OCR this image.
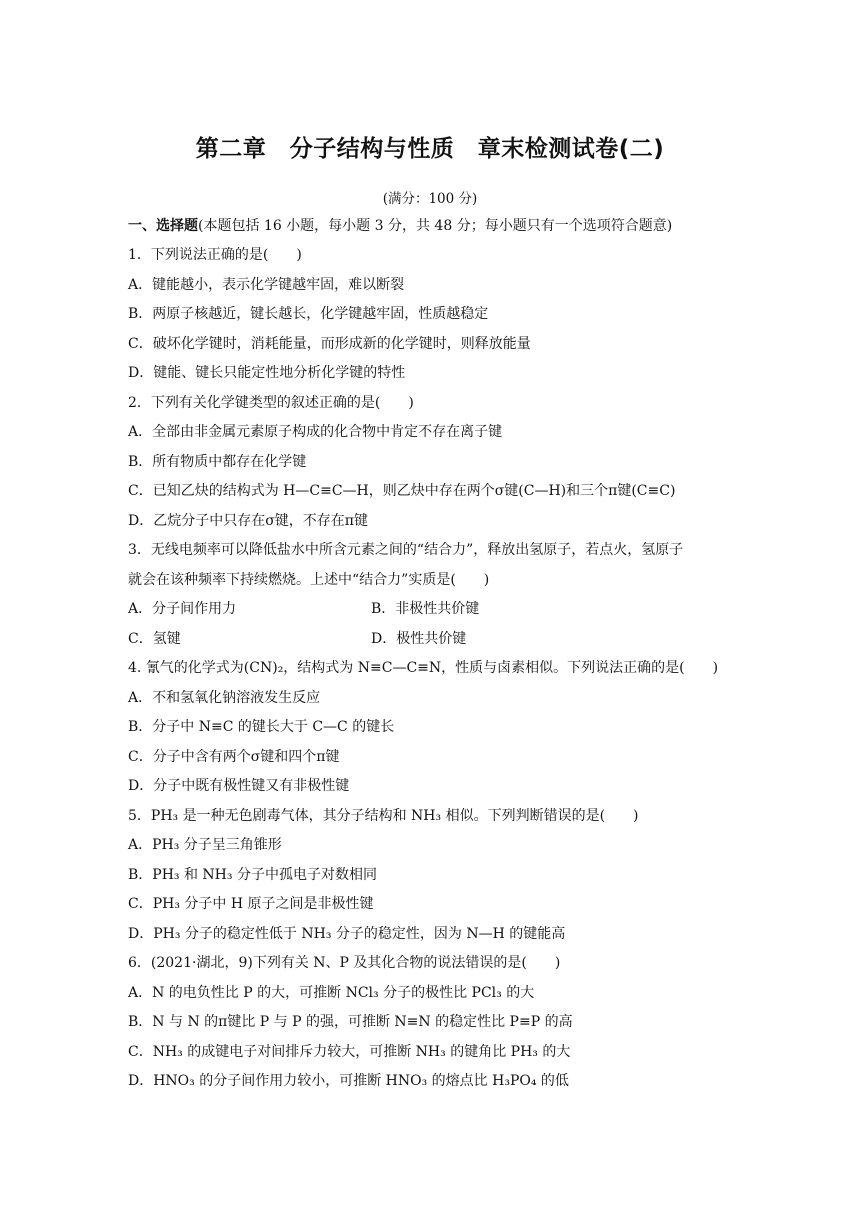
第二章　分子结构与性质　章末检测试卷(二)
(满分：100 分)
一、选择题(本题包括 16 小题，每小题 3 分，共 48 分；每小题只有一个选项符合题意)
1．下列说法正确的是(　　)
A．键能越小，表示化学键越牢固，难以断裂
B．两原子核越近，键长越长，化学键越牢固，性质越稳定
C．破坏化学键时，消耗能量，而形成新的化学键时，则释放能量
D．键能、键长只能定性地分析化学键的特性
2．下列有关化学键类型的叙述正确的是(　　)
A．全部由非金属元素原子构成的化合物中肯定不存在离子键
B．所有物质中都存在化学键
C．已知乙炔的结构式为 H—C≡C—H，则乙炔中存在两个σ键(C—H)和三个π键(C≡C)
D．乙烷分子中只存在σ键，不存在π键
3．无线电频率可以降低盐水中所含元素之间的“结合力”，释放出氢原子，若点火，氢原子
就会在该种频率下持续燃烧。上述中“结合力”实质是(　　)
A．分子间作用力	B．非极性共价键
C．氢键	D．极性共价键
4. 氰气的化学式为(CN)₂，结构式为 N≡C—C≡N，性质与卤素相似。下列说法正确的是(　　)
A．不和氢氧化钠溶液发生反应
B．分子中 N≡C 的键长大于 C—C 的键长
C．分子中含有两个σ键和四个π键
D．分子中既有极性键又有非极性键
5．PH₃ 是一种无色剧毒气体，其分子结构和 NH₃ 相似。下列判断错误的是(　　)
A．PH₃ 分子呈三角锥形
B．PH₃ 和 NH₃ 分子中孤电子对数相同
C．PH₃ 分子中 H 原子之间是非极性键
D．PH₃ 分子的稳定性低于 NH₃ 分子的稳定性，因为 N—H 的键能高
6．(2021·湖北，9)下列有关 N、P 及其化合物的说法错误的是(　　)
A．N 的电负性比 P 的大，可推断 NCl₃ 分子的极性比 PCl₃ 的大
B．N 与 N 的π键比 P 与 P 的强，可推断 N≡N 的稳定性比 P≡P 的高
C．NH₃ 的成键电子对间排斥力较大，可推断 NH₃ 的键角比 PH₃ 的大
D．HNO₃ 的分子间作用力较小，可推断 HNO₃ 的熔点比 H₃PO₄ 的低
